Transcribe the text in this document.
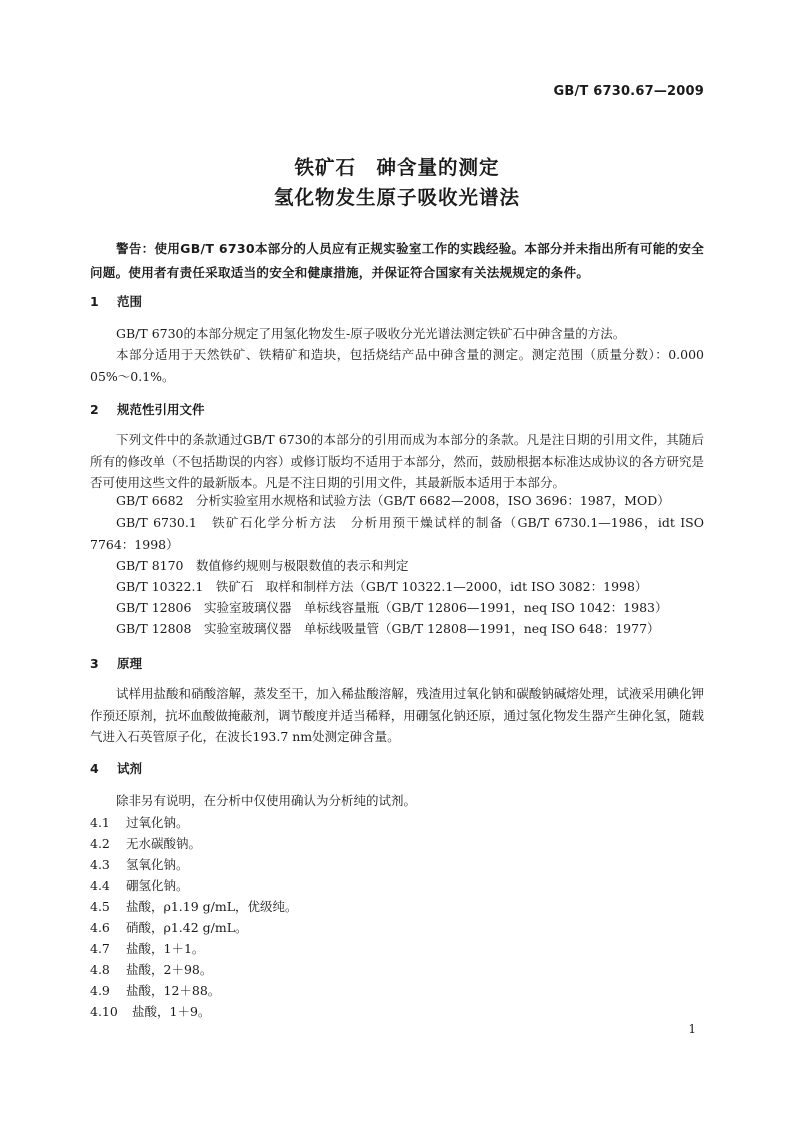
GB/T 6730.67—2009
铁矿石　砷含量的测定
氢化物发生原子吸收光谱法
警告：使用GB/T 6730本部分的人员应有正规实验室工作的实践经验。本部分并未指出所有可能的安全问题。使用者有责任采取适当的安全和健康措施，并保证符合国家有关法规规定的条件。
1 范围
GB/T 6730的本部分规定了用氢化物发生-原子吸收分光光谱法测定铁矿石中砷含量的方法。
本部分适用于天然铁矿、铁精矿和造块，包括烧结产品中砷含量的测定。测定范围（质量分数）：0.000 05%～0.1%。
2 规范性引用文件
下列文件中的条款通过GB/T 6730的本部分的引用而成为本部分的条款。凡是注日期的引用文件，其随后所有的修改单（不包括勘误的内容）或修订版均不适用于本部分，然而，鼓励根据本标准达成协议的各方研究是否可使用这些文件的最新版本。凡是不注日期的引用文件，其最新版本适用于本部分。
GB/T 6682　分析实验室用水规格和试验方法（GB/T 6682—2008，ISO 3696：1987，MOD）
GB/T 6730.1　铁矿石化学分析方法　分析用预干燥试样的制备（GB/T 6730.1—1986，idt ISO 7764：1998）
GB/T 8170　数值修约规则与极限数值的表示和判定
GB/T 10322.1　铁矿石　取样和制样方法（GB/T 10322.1—2000，idt ISO 3082：1998）
GB/T 12806　实验室玻璃仪器　单标线容量瓶（GB/T 12806—1991，neq ISO 1042：1983）
GB/T 12808　实验室玻璃仪器　单标线吸量管（GB/T 12808—1991，neq ISO 648：1977）
3 原理
试样用盐酸和硝酸溶解，蒸发至干，加入稀盐酸溶解，残渣用过氧化钠和碳酸钠碱熔处理，试液采用碘化钾作预还原剂，抗坏血酸做掩蔽剂，调节酸度并适当稀释，用硼氢化钠还原，通过氢化物发生器产生砷化氢，随载气进入石英管原子化，在波长193.7 nm处测定砷含量。
4 试剂
除非另有说明，在分析中仅使用确认为分析纯的试剂。
4.1 过氧化钠。
4.2 无水碳酸钠。
4.3 氢氧化钠。
4.4 硼氢化钠。
4.5 盐酸，ρ1.19 g/mL，优级纯。
4.6 硝酸，ρ1.42 g/mL。
4.7 盐酸，1＋1。
4.8 盐酸，2＋98。
4.9 盐酸，12＋88。
4.10 盐酸，1＋9。
1
